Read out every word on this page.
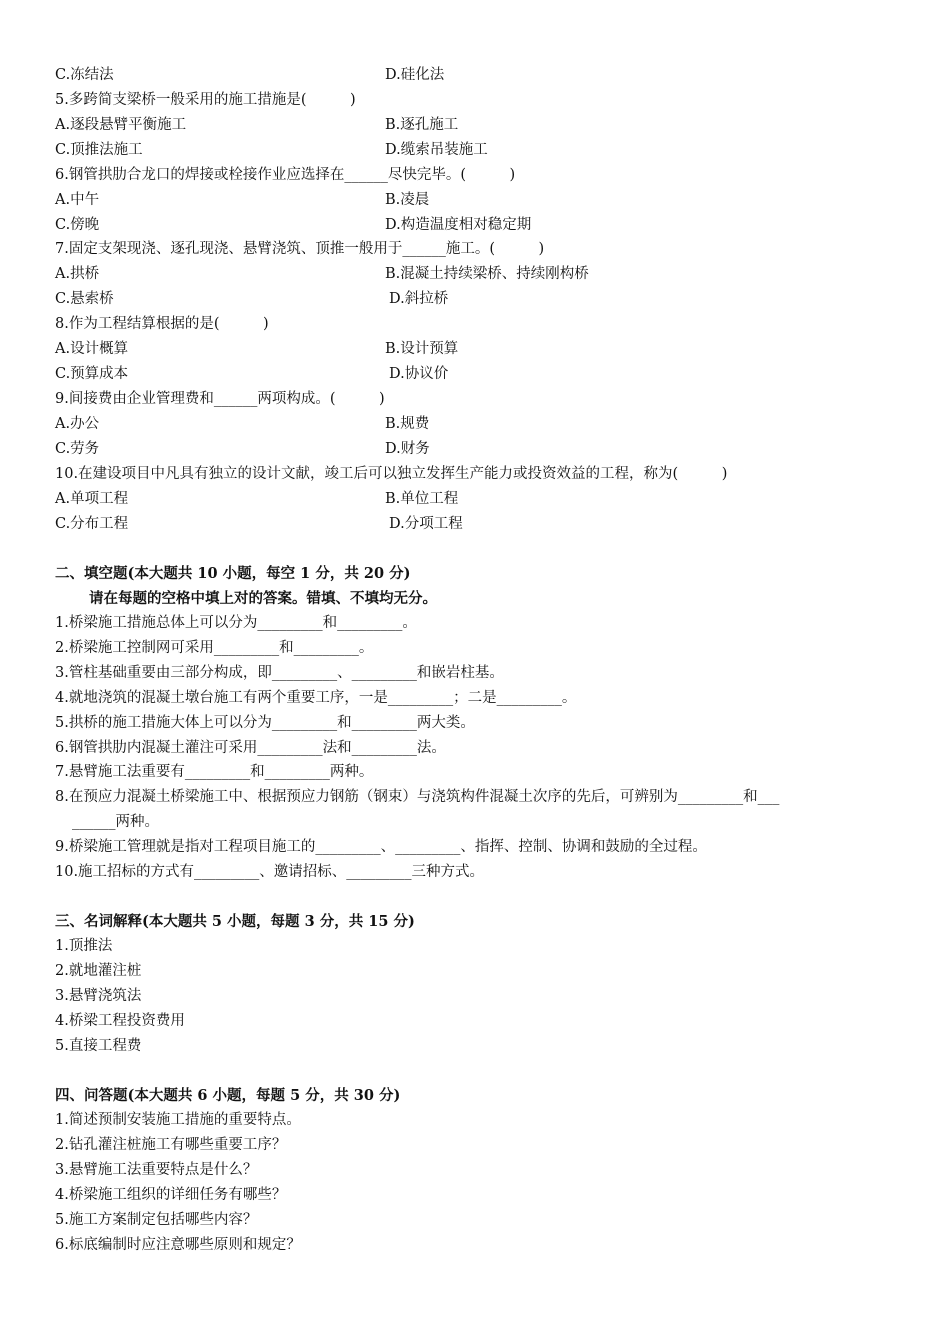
C.冻结法	D.硅化法
5.多跨简支梁桥一般采用的施工措施是(　　　)
A.逐段悬臂平衡施工	B.逐孔施工
C.顶推法施工	D.缆索吊装施工
6.钢管拱肋合龙口的焊接或栓接作业应选择在______尽快完毕。(　　　)
A.中午	B.凌晨
C.傍晚	D.构造温度相对稳定期
7.固定支架现浇、逐孔现浇、悬臂浇筑、顶推一般用于______施工。(　　　)
A.拱桥	B.混凝土持续梁桥、持续刚构桥
C.悬索桥	D.斜拉桥
8.作为工程结算根据的是(　　　)
A.设计概算	B.设计预算
C.预算成本	D.协议价
9.间接费由企业管理费和______两项构成。(　　　)
A.办公	B.规费
C.劳务	D.财务
10.在建设项目中凡具有独立的设计文献，竣工后可以独立发挥生产能力或投资效益的工程，称为(　　　)
A.单项工程	B.单位工程
C.分布工程	D.分项工程
二、填空题(本大题共 10 小题，每空 1 分，共 20 分)
请在每题的空格中填上对的答案。错填、不填均无分。
1.桥梁施工措施总体上可以分为_________和_________。
2.桥梁施工控制网可采用_________和_________。
3.管柱基础重要由三部分构成，即_________、_________和嵌岩柱基。
4.就地浇筑的混凝土墩台施工有两个重要工序，一是_________；二是_________。
5.拱桥的施工措施大体上可以分为_________和_________两大类。
6.钢管拱肋内混凝土灌注可采用_________法和_________法。
7.悬臂施工法重要有_________和_________两种。
8.在预应力混凝土桥梁施工中、根据预应力钢筋（钢束）与浇筑构件混凝土次序的先后，可辨别为_________和___
______两种。
9.桥梁施工管理就是指对工程项目施工的_________、_________、指挥、控制、协调和鼓励的全过程。
10.施工招标的方式有_________、邀请招标、_________三种方式。
三、名词解释(本大题共 5 小题，每题 3 分，共 15 分)
1.顶推法
2.就地灌注桩
3.悬臂浇筑法
4.桥梁工程投资费用
5.直接工程费
四、问答题(本大题共 6 小题，每题 5 分，共 30 分)
1.简述预制安装施工措施的重要特点。
2.钻孔灌注桩施工有哪些重要工序？
3.悬臂施工法重要特点是什么？
4.桥梁施工组织的详细任务有哪些？
5.施工方案制定包括哪些内容？
6.标底编制时应注意哪些原则和规定？
